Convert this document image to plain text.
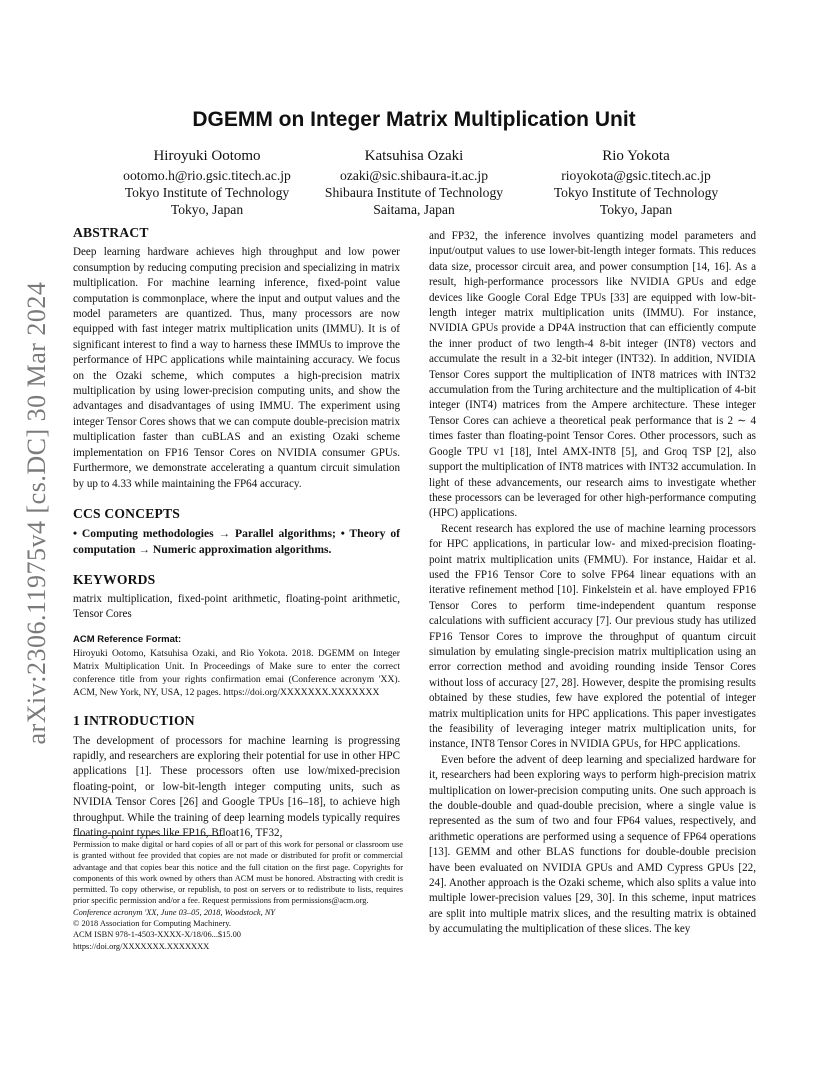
arXiv:2306.11975v4 [cs.DC] 30 Mar 2024
DGEMM on Integer Matrix Multiplication Unit
Hiroyuki Ootomo
ootomo.h@rio.gsic.titech.ac.jp
Tokyo Institute of Technology
Tokyo, Japan
Katsuhisa Ozaki
ozaki@sic.shibaura-it.ac.jp
Shibaura Institute of Technology
Saitama, Japan
Rio Yokota
rioyokota@gsic.titech.ac.jp
Tokyo Institute of Technology
Tokyo, Japan
ABSTRACT

Deep learning hardware achieves high throughput and low power consumption by reducing computing precision and specializing in matrix multiplication. For machine learning inference, fixed-point value computation is commonplace, where the input and output values and the model parameters are quantized. Thus, many processors are now equipped with fast integer matrix multiplication units (IMMU). It is of significant interest to find a way to harness these IMMUs to improve the performance of HPC applications while maintaining accuracy. We focus on the Ozaki scheme, which computes a high-precision matrix multiplication by using lower-precision computing units, and show the advantages and disadvantages of using IMMU. The experiment using integer Tensor Cores shows that we can compute double-precision matrix multiplication faster than cuBLAS and an existing Ozaki scheme implementation on FP16 Tensor Cores on NVIDIA consumer GPUs. Furthermore, we demonstrate accelerating a quantum circuit simulation by up to 4.33 while maintaining the FP64 accuracy.

CCS CONCEPTS

• Computing methodologies → Parallel algorithms; • Theory of computation → Numeric approximation algorithms.

KEYWORDS

matrix multiplication, fixed-point arithmetic, floating-point arithmetic, Tensor Cores

ACM Reference Format:

Hiroyuki Ootomo, Katsuhisa Ozaki, and Rio Yokota. 2018. DGEMM on Integer Matrix Multiplication Unit. In Proceedings of Make sure to enter the correct conference title from your rights confirmation emai (Conference acronym 'XX). ACM, New York, NY, USA, 12 pages. https://doi.org/XXXXXXX.XXXXXXX

1 INTRODUCTION

The development of processors for machine learning is progressing rapidly, and researchers are exploring their potential for use in other HPC applications [1]. These processors often use low/mixed-precision floating-point, or low-bit-length integer computing units, such as NVIDIA Tensor Cores [26] and Google TPUs [16–18], to achieve high throughput. While the training of deep learning models typically requires floating-point types like FP16, Bfloat16, TF32,

Permission to make digital or hard copies of all or part of this work for personal or classroom use is granted without fee provided that copies are not made or distributed for profit or commercial advantage and that copies bear this notice and the full citation on the first page. Copyrights for components of this work owned by others than ACM must be honored. Abstracting with credit is permitted. To copy otherwise, or republish, to post on servers or to redistribute to lists, requires prior specific permission and/or a fee. Request permissions from permissions@acm.org.
Conference acronym 'XX, June 03–05, 2018, Woodstock, NY
© 2018 Association for Computing Machinery.
ACM ISBN 978-1-4503-XXXX-X/18/06...$15.00
https://doi.org/XXXXXXX.XXXXXXX

and FP32, the inference involves quantizing model parameters and input/output values to use lower-bit-length integer formats. This reduces data size, processor circuit area, and power consumption [14, 16]. As a result, high-performance processors like NVIDIA GPUs and edge devices like Google Coral Edge TPUs [33] are equipped with low-bit-length integer matrix multiplication units (IMMU). For instance, NVIDIA GPUs provide a DP4A instruction that can efficiently compute the inner product of two length-4 8-bit integer (INT8) vectors and accumulate the result in a 32-bit integer (INT32). In addition, NVIDIA Tensor Cores support the multiplication of INT8 matrices with INT32 accumulation from the Turing architecture and the multiplication of 4-bit integer (INT4) matrices from the Ampere architecture. These integer Tensor Cores can achieve a theoretical peak performance that is 2 ∼ 4 times faster than floating-point Tensor Cores. Other processors, such as Google TPU v1 [18], Intel AMX-INT8 [5], and Groq TSP [2], also support the multiplication of INT8 matrices with INT32 accumulation. In light of these advancements, our research aims to investigate whether these processors can be leveraged for other high-performance computing (HPC) applications.

Recent research has explored the use of machine learning processors for HPC applications, in particular low- and mixed-precision floating-point matrix multiplication units (FMMU). For instance, Haidar et al. used the FP16 Tensor Core to solve FP64 linear equations with an iterative refinement method [10]. Finkelstein et al. have employed FP16 Tensor Cores to perform time-independent quantum response calculations with sufficient accuracy [7]. Our previous study has utilized FP16 Tensor Cores to improve the throughput of quantum circuit simulation by emulating single-precision matrix multiplication using an error correction method and avoiding rounding inside Tensor Cores without loss of accuracy [27, 28]. However, despite the promising results obtained by these studies, few have explored the potential of integer matrix multiplication units for HPC applications. This paper investigates the feasibility of leveraging integer matrix multiplication units, for instance, INT8 Tensor Cores in NVIDIA GPUs, for HPC applications.

Even before the advent of deep learning and specialized hardware for it, researchers had been exploring ways to perform high-precision matrix multiplication on lower-precision computing units. One such approach is the double-double and quad-double precision, where a single value is represented as the sum of two and four FP64 values, respectively, and arithmetic operations are performed using a sequence of FP64 operations [13]. GEMM and other BLAS functions for double-double precision have been evaluated on NVIDIA GPUs and AMD Cypress GPUs [22, 24]. Another approach is the Ozaki scheme, which also splits a value into multiple lower-precision values [29, 30]. In this scheme, input matrices are split into multiple matrix slices, and the resulting matrix is obtained by accumulating the multiplication of these slices. The key
